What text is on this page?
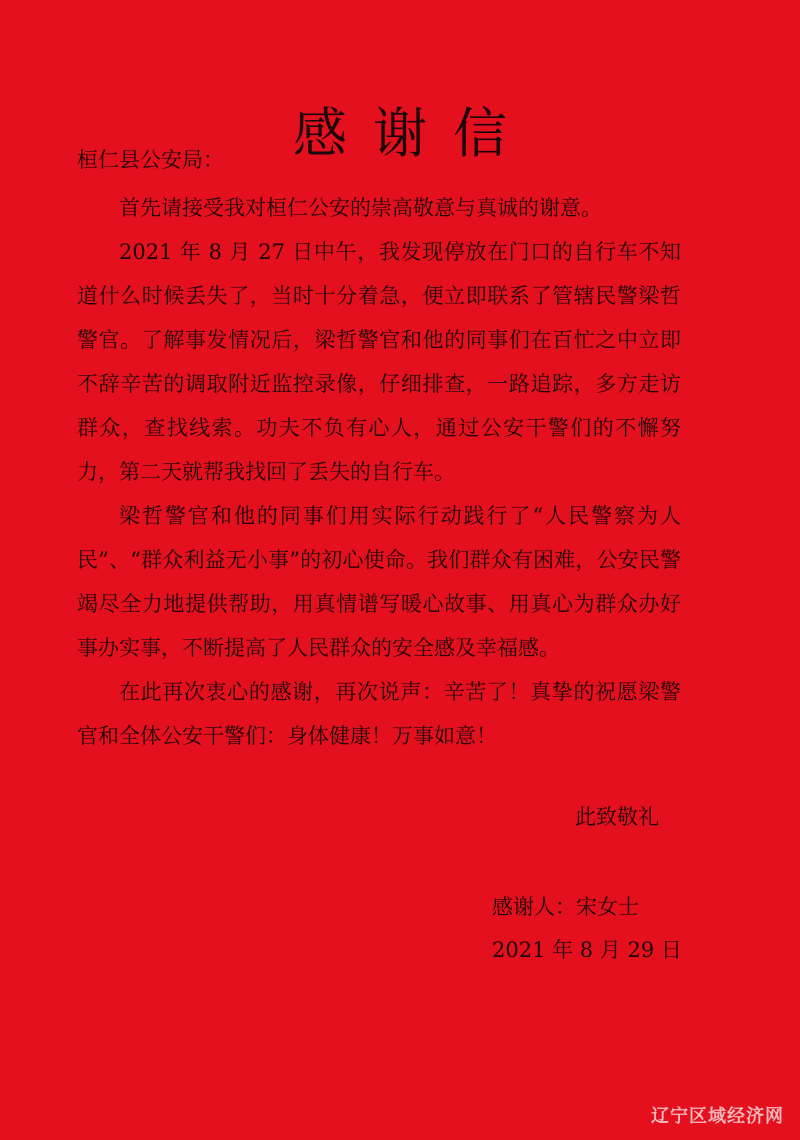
感谢信
桓仁县公安局：

首先请接受我对桓仁公安的崇高敬意与真诚的谢意。

2021 年 8 月 27 日中午，我发现停放在门口的自行车不知道什么时候丢失了，当时十分着急，便立即联系了管辖民警梁哲警官。了解事发情况后，梁哲警官和他的同事们在百忙之中立即不辞辛苦的调取附近监控录像，仔细排查，一路追踪，多方走访群众，查找线索。功夫不负有心人，通过公安干警们的不懈努力，第二天就帮我找回了丢失的自行车。

梁哲警官和他的同事们用实际行动践行了“人民警察为人民”、“群众利益无小事”的初心使命。我们群众有困难，公安民警竭尽全力地提供帮助，用真情谱写暖心故事、用真心为群众办好事办实事，不断提高了人民群众的安全感及幸福感。

在此再次衷心的感谢，再次说声：辛苦了！真挚的祝愿梁警官和全体公安干警们：身体健康！万事如意！

此致敬礼
感谢人：宋女士
2021 年 8 月 29 日
辽宁区域经济网
